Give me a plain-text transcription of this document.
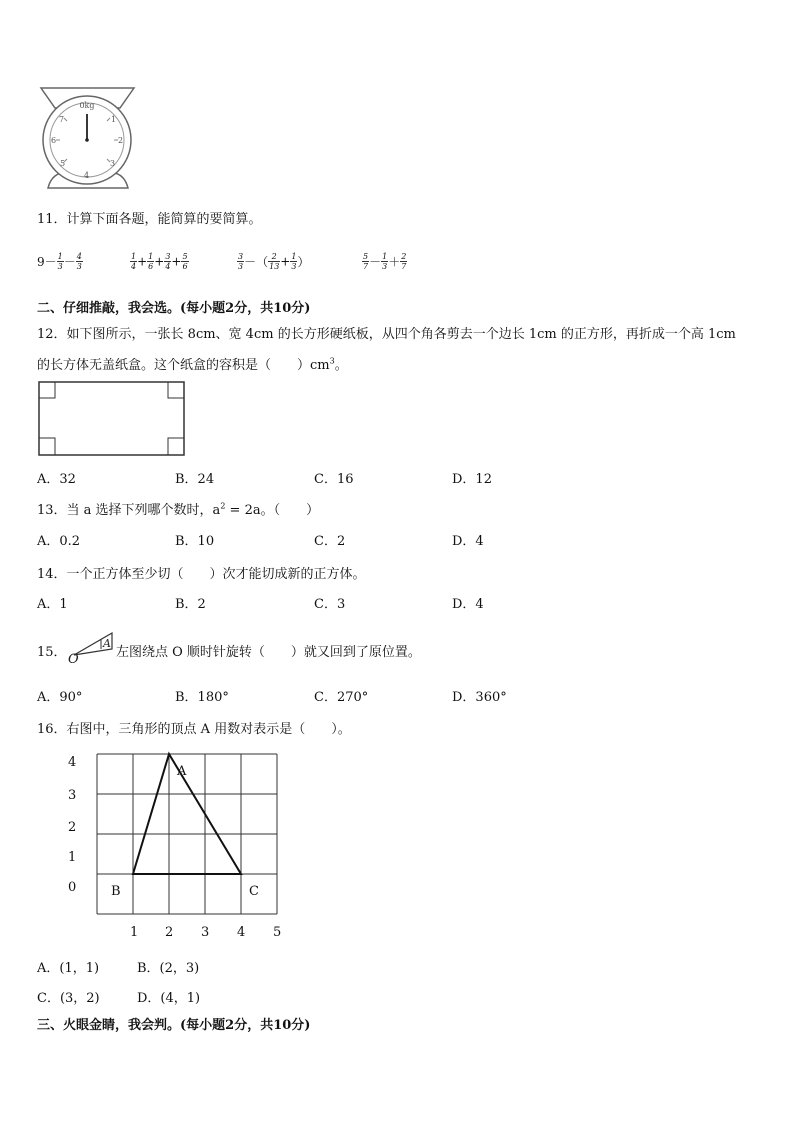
0kg
1
2
3
4
5
6
7
11．计算下面各题，能简算的要简算。
$9- \frac{1}{3} - \frac{4}{3}$	$\frac{1}{4} + \frac{1}{6} + \frac{3}{4} + \frac{5}{6}$	$\frac{3}{3}$ －（ $\frac{2}{13} + \frac{1}{3}$ ）	$\frac{5}{7} - \frac{1}{3} + \frac{2}{7}$
二、仔细推敲，我会选。(每小题2分，共10分)
12．如下图所示，一张长 8cm、宽 4cm 的长方形硬纸板，从四个角各剪去一个边长 1cm 的正方形，再折成一个高 1cm
的长方体无盖纸盒。这个纸盒的容积是（　　）$cm^3$。
A．32	B．24	C．16	D．12
13．当 a 选择下列哪个数时，$a^2 = 2a$。（　　）
A．0.2	B．10	C．2	D．4
14．一个正方体至少切（　　）次才能切成新的正方体。
A．1	B．2	C．3	D．4
15．
A
O	左图绕点 O 顺时针旋转（　　）就又回到了原位置。
A．90°	B．180°	C．270°	D．360°
16．右图中，三角形的顶点 A 用数对表示是（　　）。
4
3
2
1
0
1 2 3 4 5
A
B	C
A．(1，1)	B．(2，3)
C．(3，2)	D．(4，1)
三、火眼金睛，我会判。(每小题2分，共10分)
